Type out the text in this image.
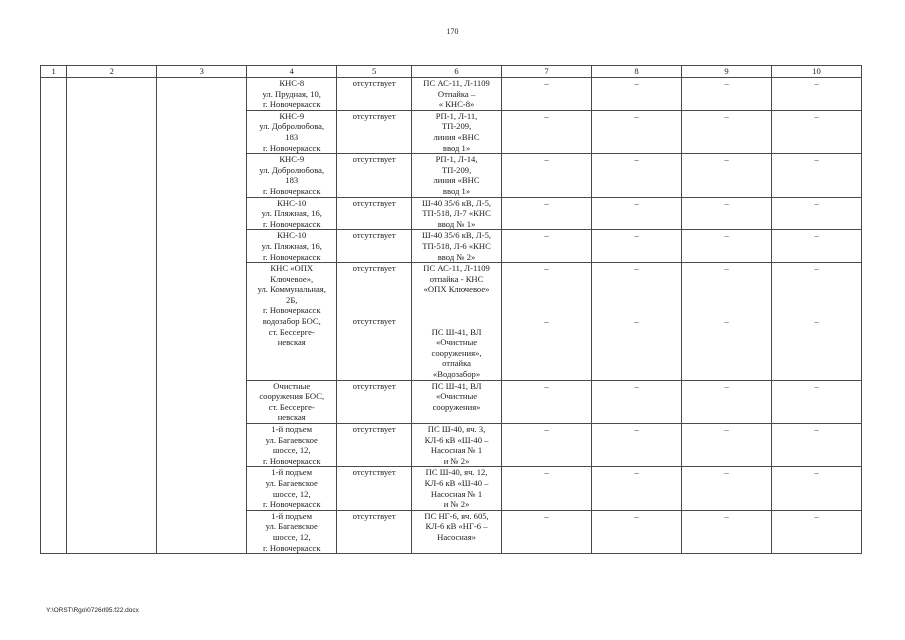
170
1	2	3	4	5	6	7	8	9	10
			КНС-8
ул. Прудная, 10,
г. Новочеркасск	отсутствует	ПС АС-11, Л-1109
Отпайка –
« КНС-8»	–	–	–	–
			КНС-9
ул. Добролюбова,
183
г. Новочеркасск	отсутствует	РП-1, Л-11,
ТП-209,
линия «ВНС
ввод 1»	–	–	–	–
			КНС-9
ул. Добролюбова,
183
г. Новочеркасск	отсутствует	РП-1, Л-14,
ТП-209,
линия «ВНС
ввод 1»	–	–	–	–
			КНС-10
ул. Пляжная, 16,
г. Новочеркасск	отсутствует	Ш-40 35/6 кВ, Л-5,
ТП-518, Л-7 «КНС
ввод № 1»	–	–	–	–
			КНС-10
ул. Пляжная, 16,
г. Новочеркасск	отсутствует	Ш-40 35/6 кВ, Л-5,
ТП-518, Л-6 «КНС
ввод № 2»	–	–	–	–
			КНС «ОПХ
Ключевое»,
ул. Коммунальная,
2Б,
г. Новочеркасск	отсутствует	ПС АС-11, Л-1109
отпайка - КНС
«ОПХ Ключевое»	–	–	–	–
			водозабор БОС,
ст. Бессерге-
невская	отсутствует	
ПС Ш-41, ВЛ
«Очистные
сооружения»,
отпайка
«Водозабор»	–	–	–	–
			Очистные
сооружения БОС,
ст. Бессерге-
невская	отсутствует	ПС Ш-41, ВЛ
«Очистные
сооружения»	–	–	–	–
			1-й подъем
ул. Багаевское
шоссе, 12,
г. Новочеркасск	отсутствует	ПС Ш-40, яч. 3,
КЛ-6 кВ «Ш-40 –
Насосная № 1
и № 2»	–	–	–	–
			1-й подъем
ул. Багаевское
шоссе, 12,
г. Новочеркасск	отсутствует	ПС Ш-40, яч. 12,
КЛ-6 кВ «Ш-40 –
Насосная № 1
и № 2»	–	–	–	–
			1-й подъем
ул. Багаевское
шоссе, 12,
г. Новочеркасск	отсутствует	ПС НГ-6, яч. 605,
КЛ-6 кВ «НГ-6 –
Насосная»	–	–	–	–
Y:\ORST\Rgo\0726rl95.f22.docx
